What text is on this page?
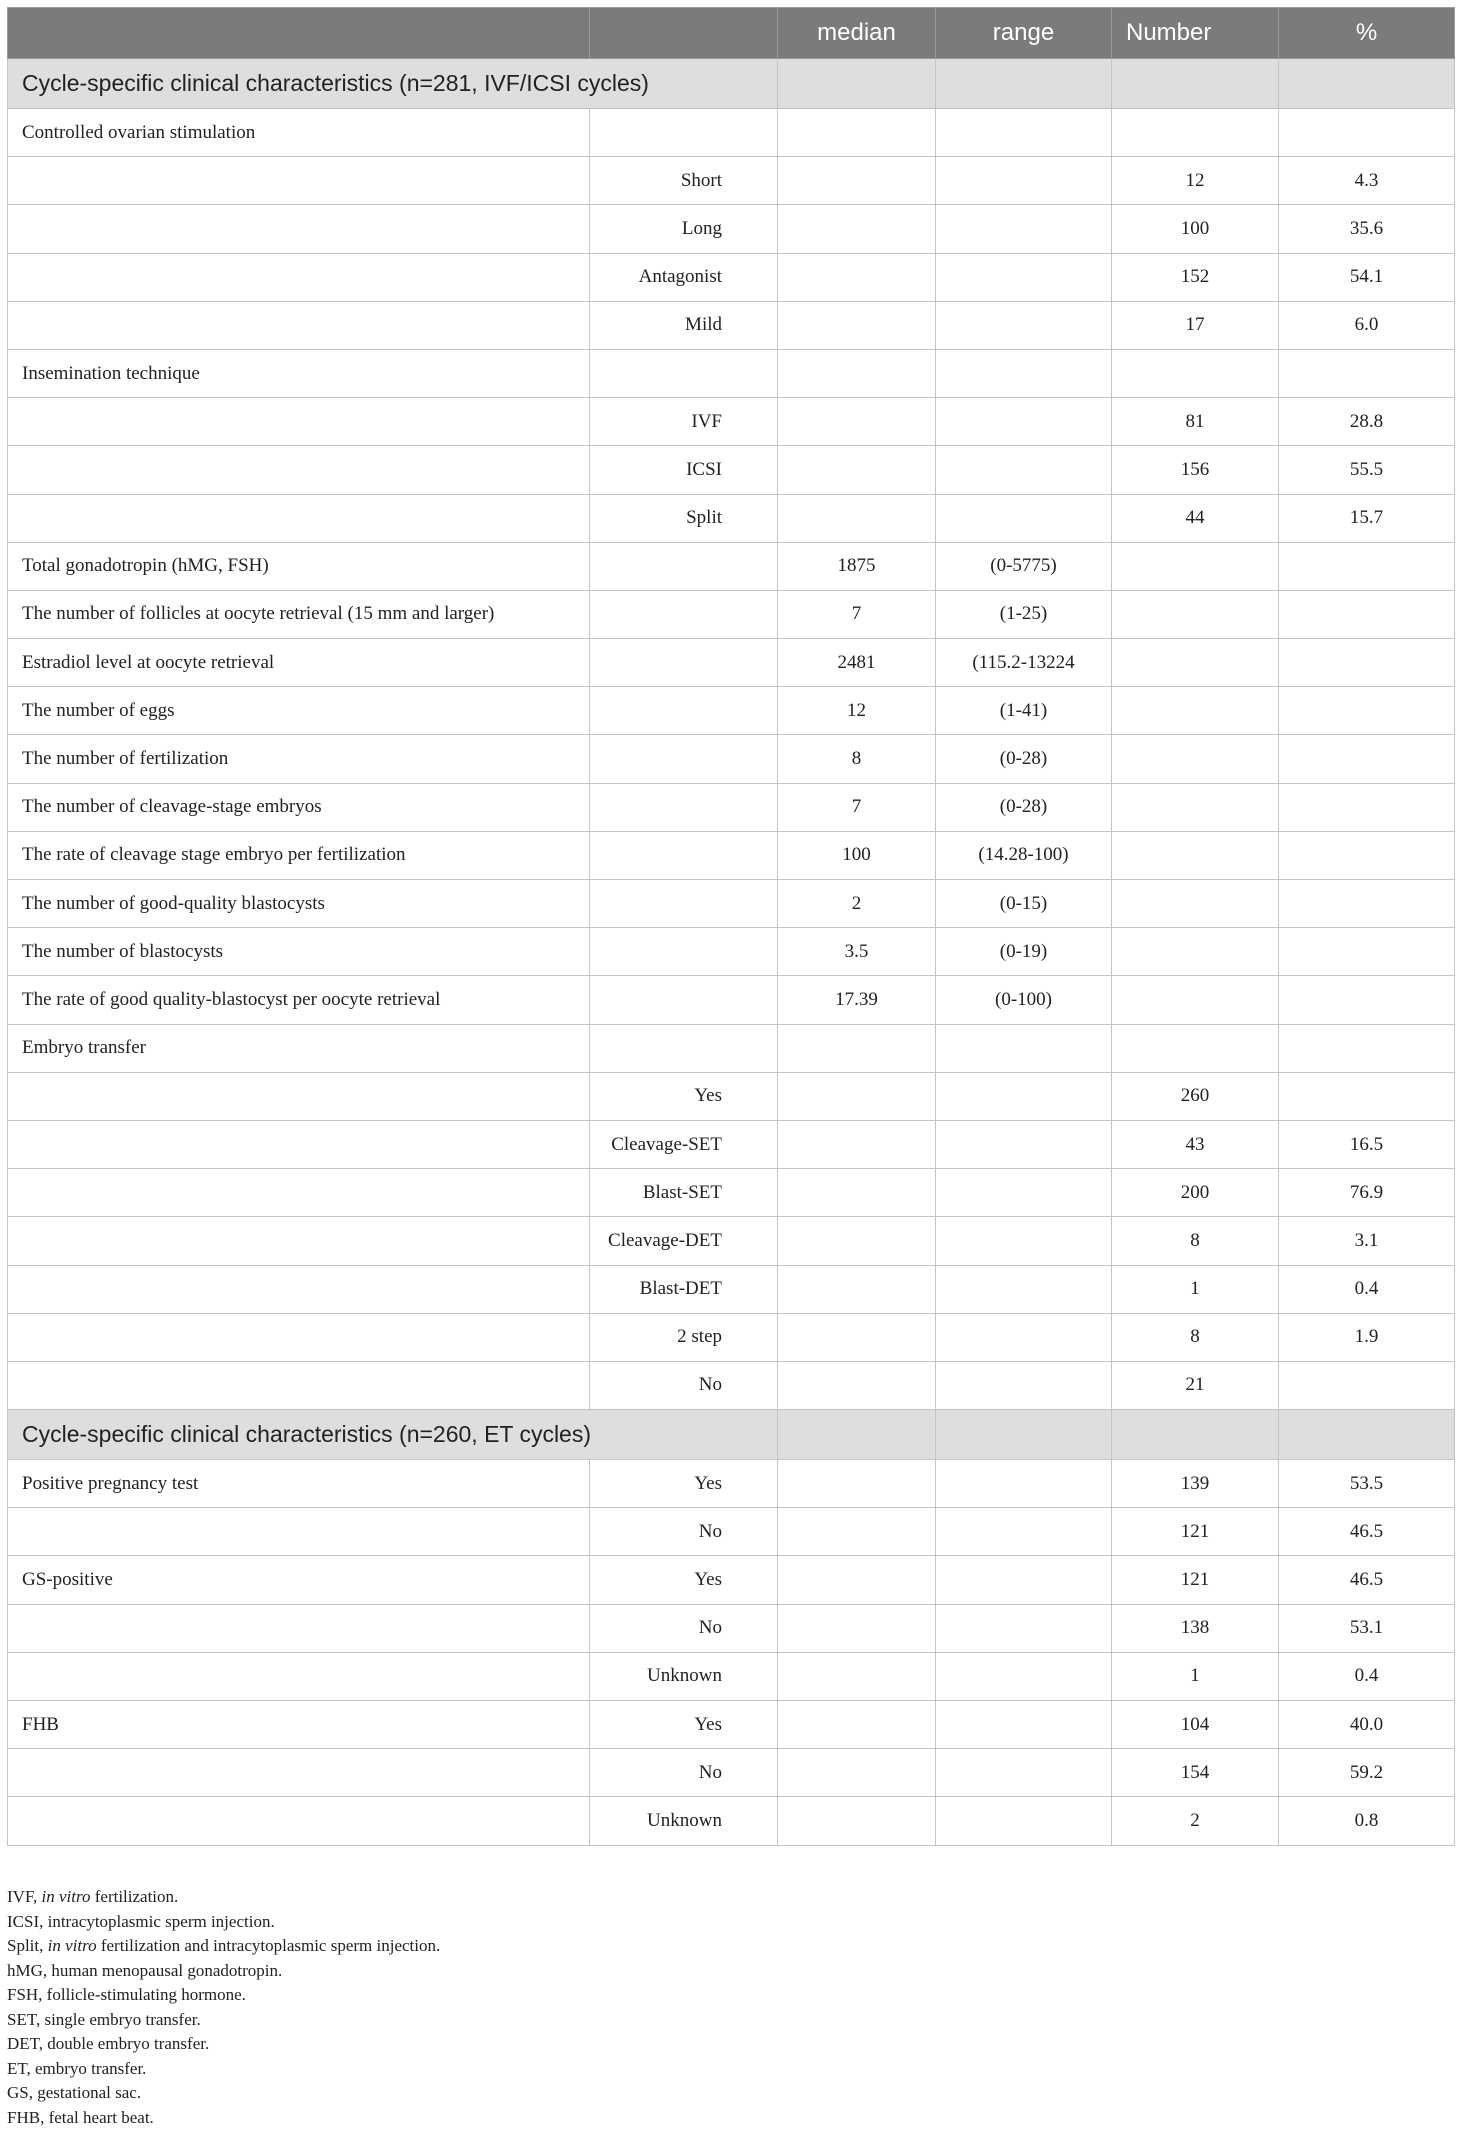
		median	range	Number	%
Cycle-specific clinical characteristics (n=281, IVF/ICSI cycles)					
Controlled ovarian stimulation					
	Short			12	4.3
	Long			100	35.6
	Antagonist			152	54.1
	Mild			17	6.0
Insemination technique					
	IVF			81	28.8
	ICSI			156	55.5
	Split			44	15.7
Total gonadotropin (hMG, FSH)		1875	(0-5775)		
The number of follicles at oocyte retrieval (15 mm and larger)		7	(1-25)		
Estradiol level at oocyte retrieval		2481	(115.2-13224		
The number of eggs		12	(1-41)		
The number of fertilization		8	(0-28)		
The number of cleavage-stage embryos		7	(0-28)		
The rate of cleavage stage embryo per fertilization		100	(14.28-100)		
The number of good-quality blastocysts		2	(0-15)		
The number of blastocysts		3.5	(0-19)		
The rate of good quality-blastocyst per oocyte retrieval		17.39	(0-100)		
Embryo transfer					
	Yes			260	
	Cleavage-SET			43	16.5
	Blast-SET			200	76.9
	Cleavage-DET			8	3.1
	Blast-DET			1	0.4
	2 step			8	1.9
	No			21	
Cycle-specific clinical characteristics (n=260, ET cycles)					
Positive pregnancy test	Yes			139	53.5
	No			121	46.5
GS-positive	Yes			121	46.5
	No			138	53.1
	Unknown			1	0.4
FHB	Yes			104	40.0
	No			154	59.2
	Unknown			2	0.8
IVF, in vitro fertilization.
ICSI, intracytoplasmic sperm injection.
Split, in vitro fertilization and intracytoplasmic sperm injection.
hMG, human menopausal gonadotropin.
FSH, follicle-stimulating hormone.
SET, single embryo transfer.
DET, double embryo transfer.
ET, embryo transfer.
GS, gestational sac.
FHB, fetal heart beat.
